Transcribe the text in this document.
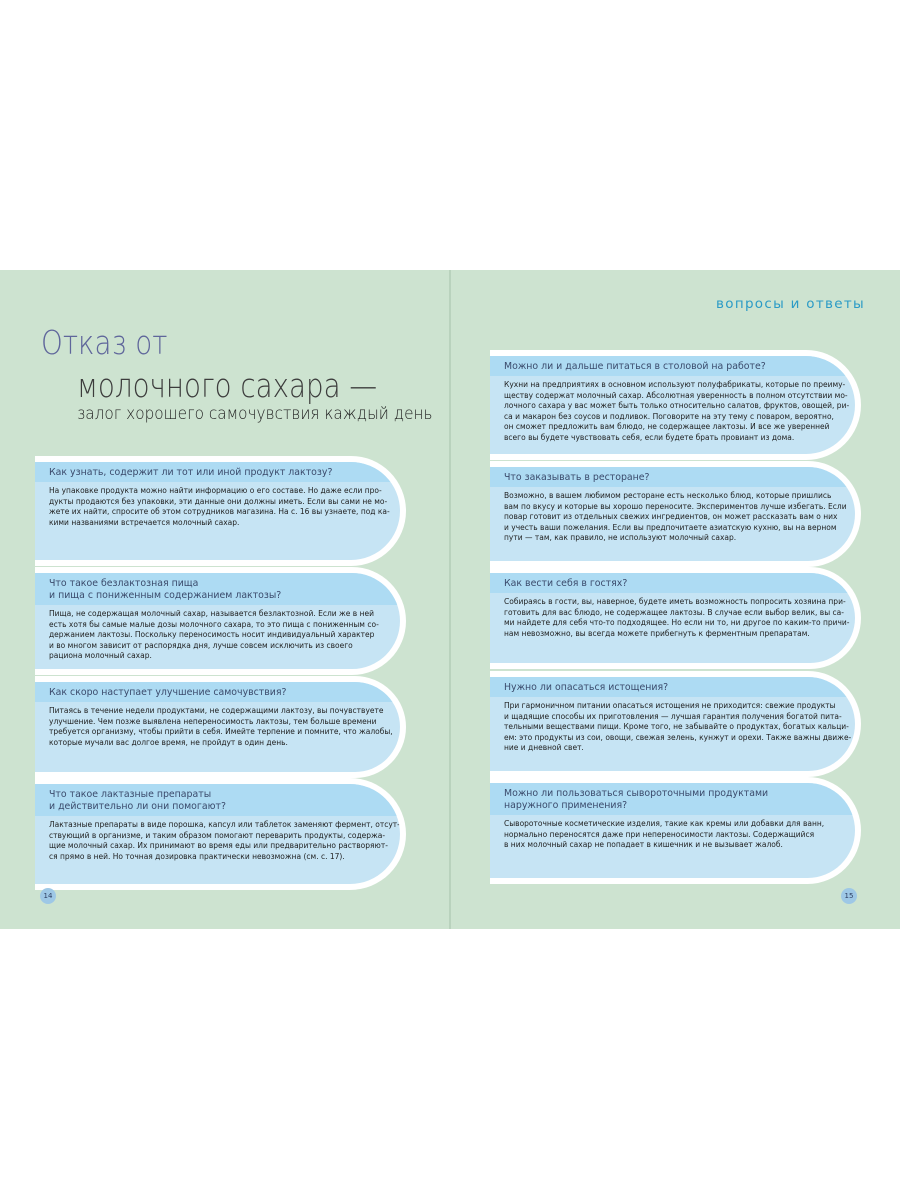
Отказ от
молочного сахара —
залог хорошего самочувствия каждый день
Как узнать, содержит ли тот или иной продукт лактозу?
На упаковке продукта можно найти информацию о его составе. Но даже если про-
дукты продаются без упаковки, эти данные они должны иметь. Если вы сами не мо-
жете их найти, спросите об этом сотрудников магазина. На с. 16 вы узнаете, под ка-
кими названиями встречается молочный сахар.
Что такое безлактозная пища
и пища с пониженным содержанием лактозы?
Пища, не содержащая молочный сахар, называется безлактозной. Если же в ней
есть хотя бы самые малые дозы молочного сахара, то это пища с пониженным со-
держанием лактозы. Поскольку переносимость носит индивидуальный характер
и во многом зависит от распорядка дня, лучше совсем исключить из своего
рациона молочный сахар.
Как скоро наступает улучшение самочувствия?
Питаясь в течение недели продуктами, не содержащими лактозу, вы почувствуете
улучшение. Чем позже выявлена непереносимость лактозы, тем больше времени
требуется организму, чтобы прийти в себя. Имейте терпение и помните, что жалобы,
которые мучали вас долгое время, не пройдут в один день.
Что такое лактазные препараты
и действительно ли они помогают?
Лактазные препараты в виде порошка, капсул или таблеток заменяют фермент, отсут-
ствующий в организме, и таким образом помогают переварить продукты, содержа-
щие молочный сахар. Их принимают во время еды или предварительно растворяют-
ся прямо в ней. Но точная дозировка практически невозможна (см. с. 17).
14
вопросы и ответы
Можно ли и дальше питаться в столовой на работе?
Кухни на предприятиях в основном используют полуфабрикаты, которые по преиму-
ществу содержат молочный сахар. Абсолютная уверенность в полном отсутствии мо-
лочного сахара у вас может быть только относительно салатов, фруктов, овощей, ри-
са и макарон без соусов и подливок. Поговорите на эту тему с поваром, вероятно,
он сможет предложить вам блюдо, не содержащее лактозы. И все же уверенней
всего вы будете чувствовать себя, если будете брать провиант из дома.
Что заказывать в ресторане?
Возможно, в вашем любимом ресторане есть несколько блюд, которые пришлись
вам по вкусу и которые вы хорошо переносите. Экспериментов лучше избегать. Если
повар готовит из отдельных свежих ингредиентов, он может рассказать вам о них
и учесть ваши пожелания. Если вы предпочитаете азиатскую кухню, вы на верном
пути — там, как правило, не используют молочный сахар.
Как вести себя в гостях?
Собираясь в гости, вы, наверное, будете иметь возможность попросить хозяина при-
готовить для вас блюдо, не содержащее лактозы. В случае если выбор велик, вы са-
ми найдете для себя что-то подходящее. Но если ни то, ни другое по каким-то причи-
нам невозможно, вы всегда можете прибегнуть к ферментным препаратам.
Нужно ли опасаться истощения?
При гармоничном питании опасаться истощения не приходится: свежие продукты
и щадящие способы их приготовления — лучшая гарантия получения богатой пита-
тельными веществами пищи. Кроме того, не забывайте о продуктах, богатых кальци-
ем: это продукты из сои, овощи, свежая зелень, кунжут и орехи. Также важны движе-
ние и дневной свет.
Можно ли пользоваться сывороточными продуктами
наружного применения?
Сывороточные косметические изделия, такие как кремы или добавки для ванн,
нормально переносятся даже при непереносимости лактозы. Содержащийся
в них молочный сахар не попадает в кишечник и не вызывает жалоб.
15
